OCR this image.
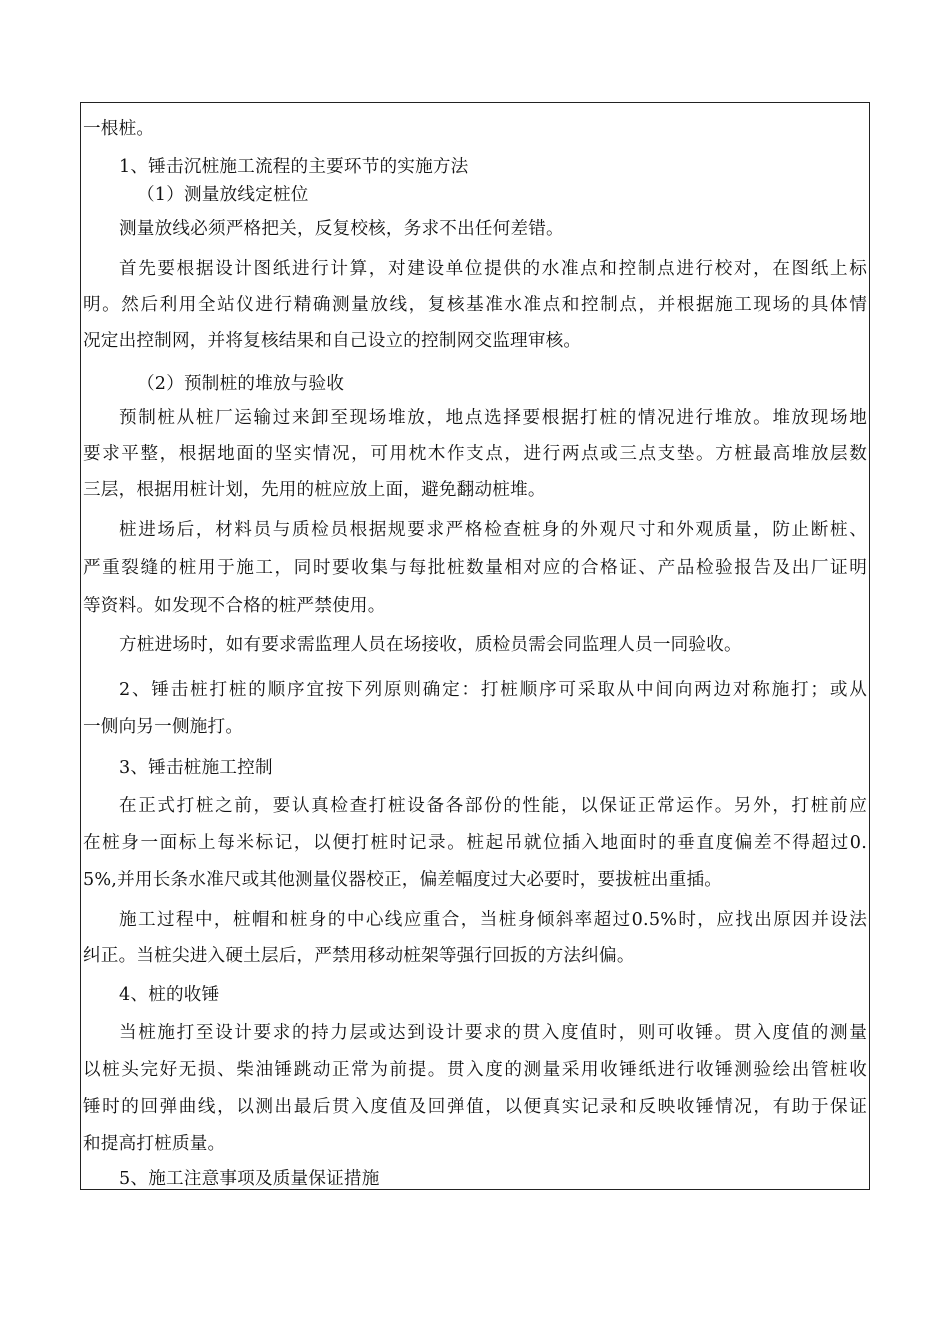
一根桩。
1、锤击沉桩施工流程的主要环节的实施方法
（1）测量放线定桩位
测量放线必须严格把关，反复校核，务求不出任何差错。
首先要根据设计图纸进行计算，对建设单位提供的水准点和控制点进行校对，在图纸上标
明。然后利用全站仪进行精确测量放线，复核基准水准点和控制点，并根据施工现场的具体情
况定出控制网，并将复核结果和自己设立的控制网交监理审核。
（2）预制桩的堆放与验收
预制桩从桩厂运输过来卸至现场堆放，地点选择要根据打桩的情况进行堆放。堆放现场地
要求平整，根据地面的坚实情况，可用枕木作支点，进行两点或三点支垫。方桩最高堆放层数
三层，根据用桩计划，先用的桩应放上面，避免翻动桩堆。
桩进场后，材料员与质检员根据规要求严格检查桩身的外观尺寸和外观质量，防止断桩、
严重裂缝的桩用于施工，同时要收集与每批桩数量相对应的合格证、产品检验报告及出厂证明
等资料。如发现不合格的桩严禁使用。
方桩进场时，如有要求需监理人员在场接收，质检员需会同监理人员一同验收。
2、锤击桩打桩的顺序宜按下列原则确定：打桩顺序可采取从中间向两边对称施打；或从
一侧向另一侧施打。
3、锤击桩施工控制
在正式打桩之前，要认真检查打桩设备各部份的性能，以保证正常运作。另外，打桩前应
在桩身一面标上每米标记，以便打桩时记录。桩起吊就位插入地面时的垂直度偏差不得超过0.
5%,并用长条水准尺或其他测量仪器校正，偏差幅度过大必要时，要拔桩出重插。
施工过程中，桩帽和桩身的中心线应重合，当桩身倾斜率超过0.5%时，应找出原因并设法
纠正。当桩尖进入硬土层后，严禁用移动桩架等强行回扳的方法纠偏。
4、桩的收锤
当桩施打至设计要求的持力层或达到设计要求的贯入度值时，则可收锤。贯入度值的测量
以桩头完好无损、柴油锤跳动正常为前提。贯入度的测量采用收锤纸进行收锤测验绘出管桩收
锤时的回弹曲线，以测出最后贯入度值及回弹值，以便真实记录和反映收锤情况，有助于保证
和提高打桩质量。
5、施工注意事项及质量保证措施
